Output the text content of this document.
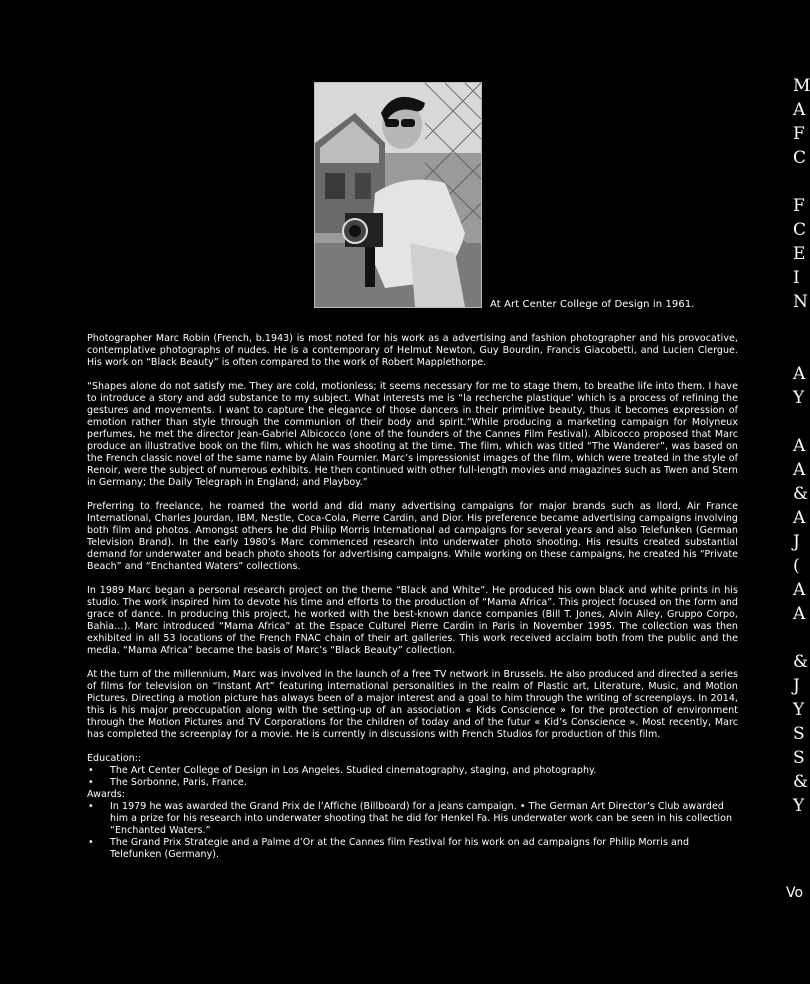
At Art Center College of Design in 1961.

Photographer Marc Robin (French, b.1943) is most noted for his work as a advertising and fashion photographer and his provocative, contemplative photographs of nudes. He is a contemporary of Helmut Newton, Guy Bourdin, Francis Giacobetti, and Lucien Clergue. His work on “Black Beauty” is often compared to the work of Robert Mapplethorpe.

“Shapes alone do not satisfy me. They are cold, motionless; it seems necessary for me to stage them, to breathe life into them. I have to introduce a story and add substance to my subject. What interests me is “la recherche plastique’ which is a process of refining the gestures and movements. I want to capture the elegance of those dancers in their primitive beauty, thus it becomes expression of emotion rather than style through the communion of their body and spirit.”While producing a marketing campaign for Molyneux perfumes, he met the director Jean-Gabriel Albicocco (one of the founders of the Cannes Film Festival). Albicocco proposed that Marc produce an illustrative book on the film, which he was shooting at the time. The film, which was titled “The Wanderer”, was based on the French classic novel of the same name by Alain Fournier. Marc’s impressionist images of the film, which were treated in the style of Renoir, were the subject of numerous exhibits. He then continued with other full-length movies and magazines such as Twen and Stern in Germany; the Daily Telegraph in England; and Playboy.”

Preferring to freelance, he roamed the world and did many advertising campaigns for major brands such as Ilord, Air France International, Charles Jourdan, IBM, Nestle, Coca-Cola, Pierre Cardin, and Dior. His preference became advertising campaigns involving both film and photos. Amongst others he did Philip Morris International ad campaigns for several years and also Telefunken (German Television Brand). In the early 1980’s Marc commenced research into underwater photo shooting. His results created substantial demand for underwater and beach photo shoots for advertising campaigns. While working on these campaigns, he created his “Private Beach” and “Enchanted Waters” collections.

In 1989 Marc began a personal research project on the theme “Black and White”. He produced his own black and white prints in his studio. The work inspired him to devote his time and efforts to the production of “Mama Africa”. This project focused on the form and grace of dance. In producing this project, he worked with the best-known dance companies (Bill T. Jones, Alvin Ailey, Gruppo Corpo, Bahia…). Marc introduced “Mama Africa” at the Espace Culturel Pierre Cardin in Paris in November 1995. The collection was then exhibited in all 53 locations of the French FNAC chain of their art galleries. This work received acclaim both from the public and the media. “Mama Africa” became the basis of Marc’s “Black Beauty” collection.

At the turn of the millennium, Marc was involved in the launch of a free TV network in Brussels. He also produced and directed a series of films for television on “Instant Art” featuring international personalities in the realm of Plastic art, Literature, Music, and Motion Pictures. Directing a motion picture has always been of a major interest and a goal to him through the writing of screenplays. In 2014, this is his major preoccupation along with the setting-up of an association « Kids Conscience » for the protection of environment through the Motion Pictures and TV Corporations for the children of today and of the futur « Kid’s Conscience ». Most recently, Marc has completed the screenplay for a movie. He is currently in discussions with French Studios for production of this film.

Education::
• The Art Center College of Design in Los Angeles. Studied cinematography, staging, and photography.
• The Sorbonne, Paris, France.
Awards:
• In 1979 he was awarded the Grand Prix de l’Affiche (Billboard) for a jeans campaign. • The German Art Director’s Club awarded him a prize for his research into underwater shooting that he did for Henkel Fa. His underwater work can be seen in his collection “Enchanted Waters.”
• The Grand Prix Strategie and a Palme d’Or at the Cannes film Festival for his work on ad campaigns for Philip Morris and Telefunken (Germany).
M
A
F
C

F
C
E
I
N

A
Y

A
A
&
A
J
(
A
A

&
J
Y
S
S
&
Y
Vo
